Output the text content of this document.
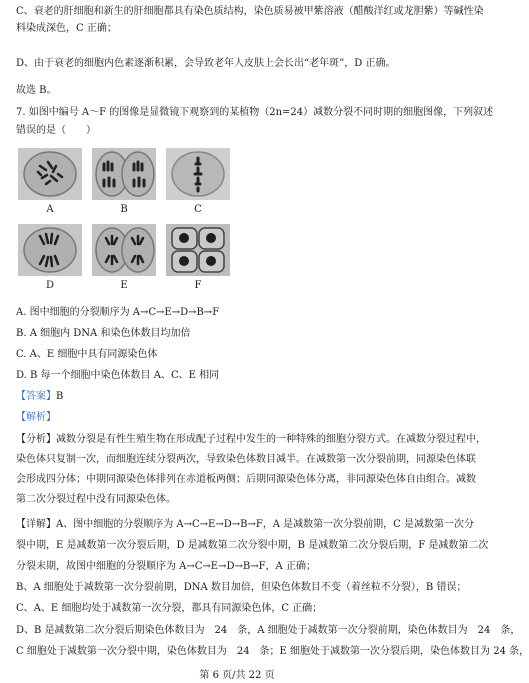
C、衰老的肝细胞和新生的肝细胞都具有染色质结构，染色质易被甲紫溶液（醋酸洋红或龙胆紫）等碱性染
料染成深色，C 正确；
D、由于衰老的细胞内色素逐渐积累，会导致老年人皮肤上会长出“老年斑”，D 正确。
故选 B。
7. 如图中编号 A～F 的图像是显微镜下观察到的某植物（2n=24）减数分裂不同时期的细胞图像，下列叙述
错误的是（　　）
A	B	C
D	E	F
A. 图中细胞的分裂顺序为 A→C→E→D→B→F
B. A 细胞内 DNA 和染色体数目均加倍
C. A、E 细胞中具有同源染色体
D. B 每一个细胞中染色体数目 A、C、E 相同
【答案】B
【解析】
【分析】减数分裂是有性生殖生物在形成配子过程中发生的一种特殊的细胞分裂方式。在减数分裂过程中，
染色体只复制一次，而细胞连续分裂两次，导致染色体数目减半。在减数第一次分裂前期，同源染色体联
会形成四分体；中期同源染色体排列在赤道板两侧；后期同源染色体分离，非同源染色体自由组合。减数
第二次分裂过程中没有同源染色体。
【详解】A、图中细胞的分裂顺序为 A→C→E→D→B→F，A 是减数第一次分裂前期，C 是减数第一次分
裂中期，E 是减数第一次分裂后期，D 是减数第二次分裂中期，B 是减数第二次分裂后期，F 是减数第二次
分裂末期，故图中细胞的分裂顺序为 A→C→E→D→B→F，A 正确；
B、A 细胞处于减数第一次分裂前期，DNA 数目加倍，但染色体数目不变（着丝粒不分裂），B 错误；
C、A、E 细胞均处于减数第一次分裂，都具有同源染色体，C 正确；
D、B 是减数第二次分裂后期染色体数目为　24　条，A 细胞处于减数第一次分裂前期，染色体数目为　24　条，
C 细胞处于减数第一次分裂中期，染色体数目为　24　条；E 细胞处于减数第一次分裂后期，染色体数目为 24 条，
第 6 页/共 22 页
